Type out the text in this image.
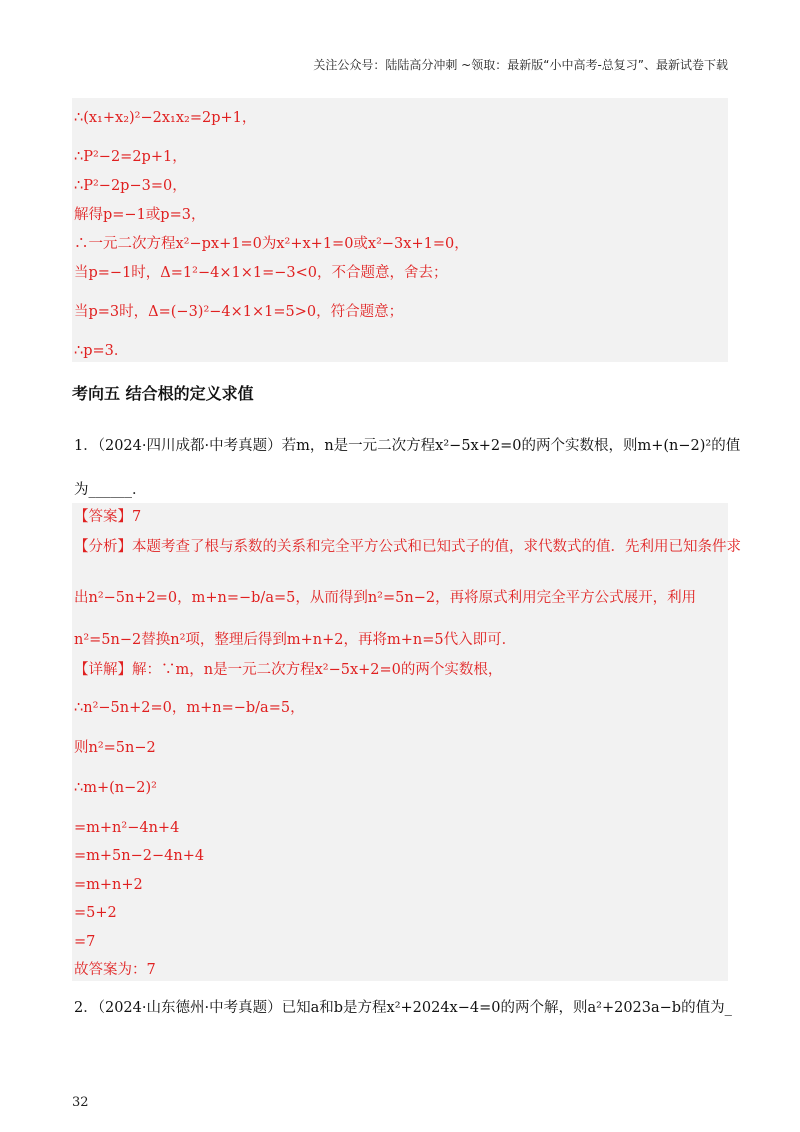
关注公众号：陆陆高分冲刺 ~领取：最新版“小中高考-总复习”、最新试卷下载
∴(x₁+x₂)²−2x₁x₂=2p+1，
∴P²−2=2p+1，
∴P²−2p−3=0，
解得p=−1或p=3，
∴一元二次方程x²−px+1=0为x²+x+1=0或x²−3x+1=0，
当p=−1时，Δ=1²−4×1×1=−3<0，不合题意，舍去；
当p=3时，Δ=(−3)²−4×1×1=5>0，符合题意；
∴p=3．
考向五 结合根的定义求值
1．（2024·四川成都·中考真题）若m，n是一元二次方程x²−5x+2=0的两个实数根，则m+(n−2)²的值
为______．
【答案】7
【分析】本题考查了根与系数的关系和完全平方公式和已知式子的值，求代数式的值．先利用已知条件求
出n²−5n+2=0，m+n=−b/a=5，从而得到n²=5n−2，再将原式利用完全平方公式展开，利用
n²=5n−2替换n²项，整理后得到m+n+2，再将m+n=5代入即可．
【详解】解：∵m，n是一元二次方程x²−5x+2=0的两个实数根，
∴n²−5n+2=0，m+n=−b/a=5，
则n²=5n−2
∴m+(n−2)²
=m+n²−4n+4
=m+5n−2−4n+4
=m+n+2
=5+2
=7
故答案为：7
2．（2024·山东德州·中考真题）已知a和b是方程x²+2024x−4=0的两个解，则a²+2023a−b的值为_
32
